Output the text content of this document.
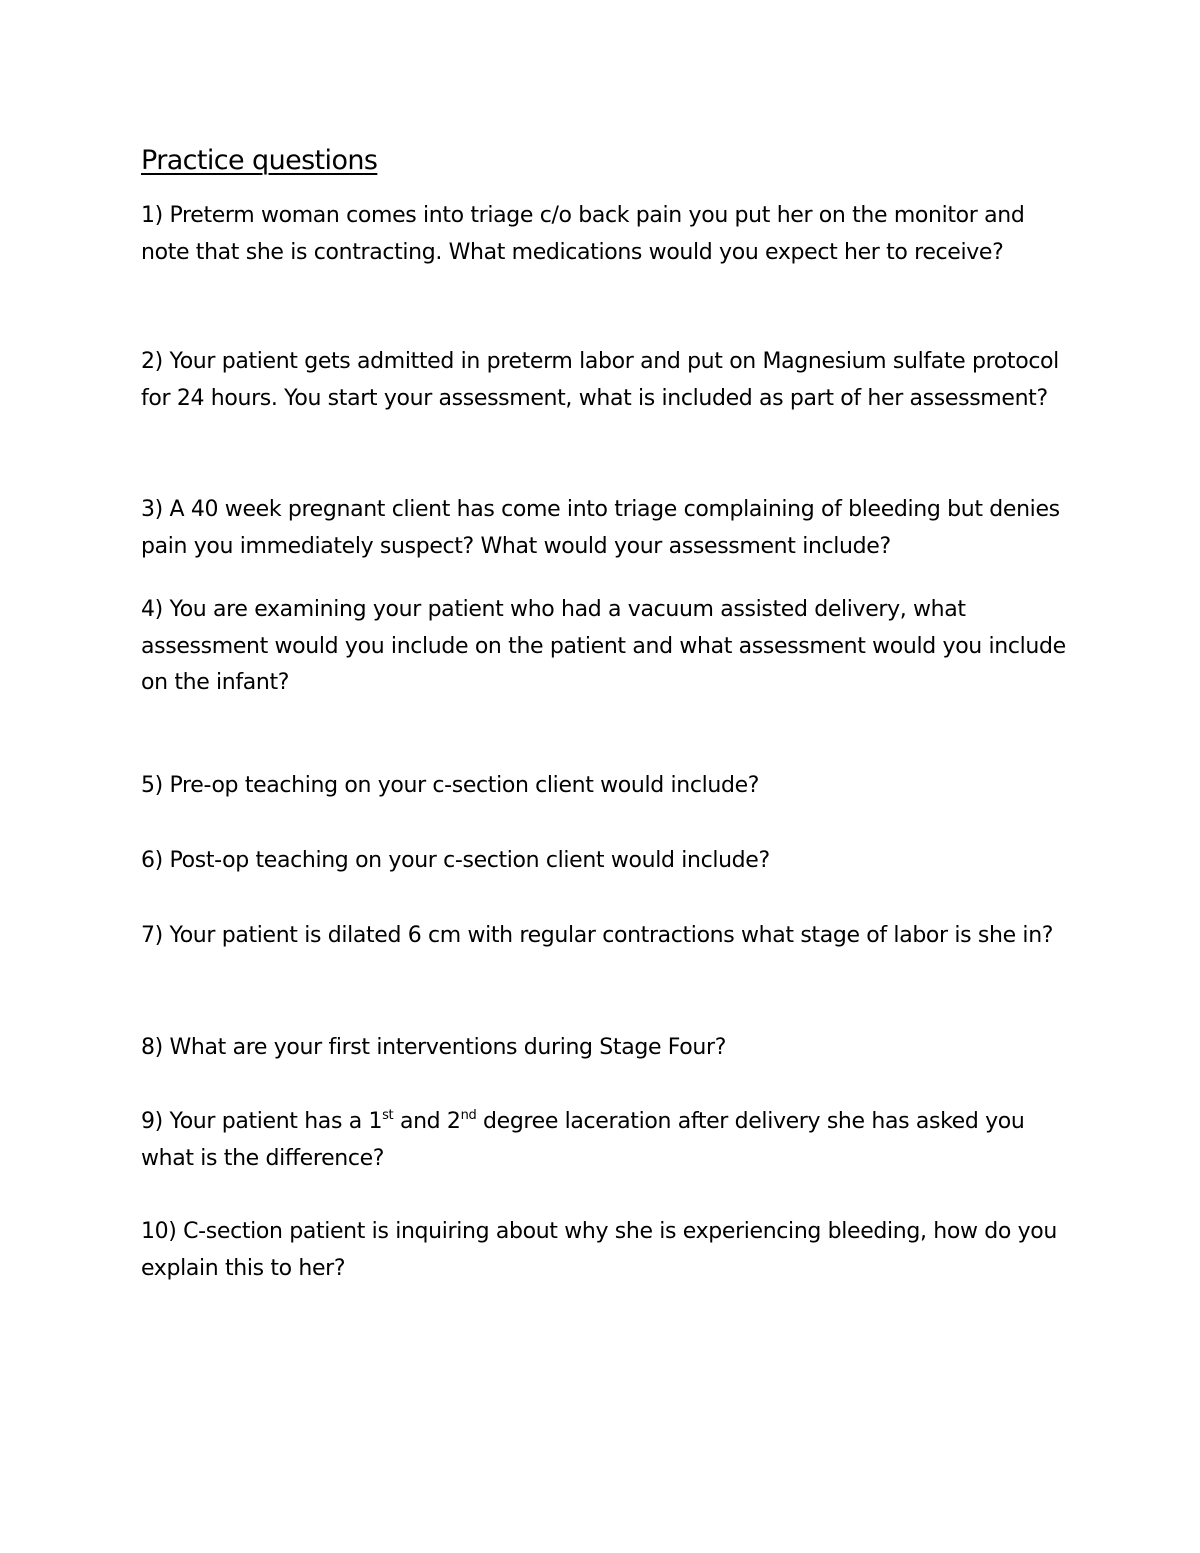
Practice questions

1) Preterm woman comes into triage c/o back pain you put her on the monitor and note that she is contracting. What medications would you expect her to receive?

2) Your patient gets admitted in preterm labor and put on Magnesium sulfate protocol for 24 hours. You start your assessment, what is included as part of her assessment?

3) A 40 week pregnant client has come into triage complaining of bleeding but denies pain you immediately suspect? What would your assessment include?

4) You are examining your patient who had a vacuum assisted delivery, what assessment would you include on the patient and what assessment would you include on the infant?

5) Pre-op teaching on your c-section client would include?

6) Post-op teaching on your c-section client would include?

7) Your patient is dilated 6 cm with regular contractions what stage of labor is she in?

8) What are your first interventions during Stage Four?

9) Your patient has a 1st and 2nd degree laceration after delivery she has asked you what is the difference?

10) C-section patient is inquiring about why she is experiencing bleeding, how do you explain this to her?
